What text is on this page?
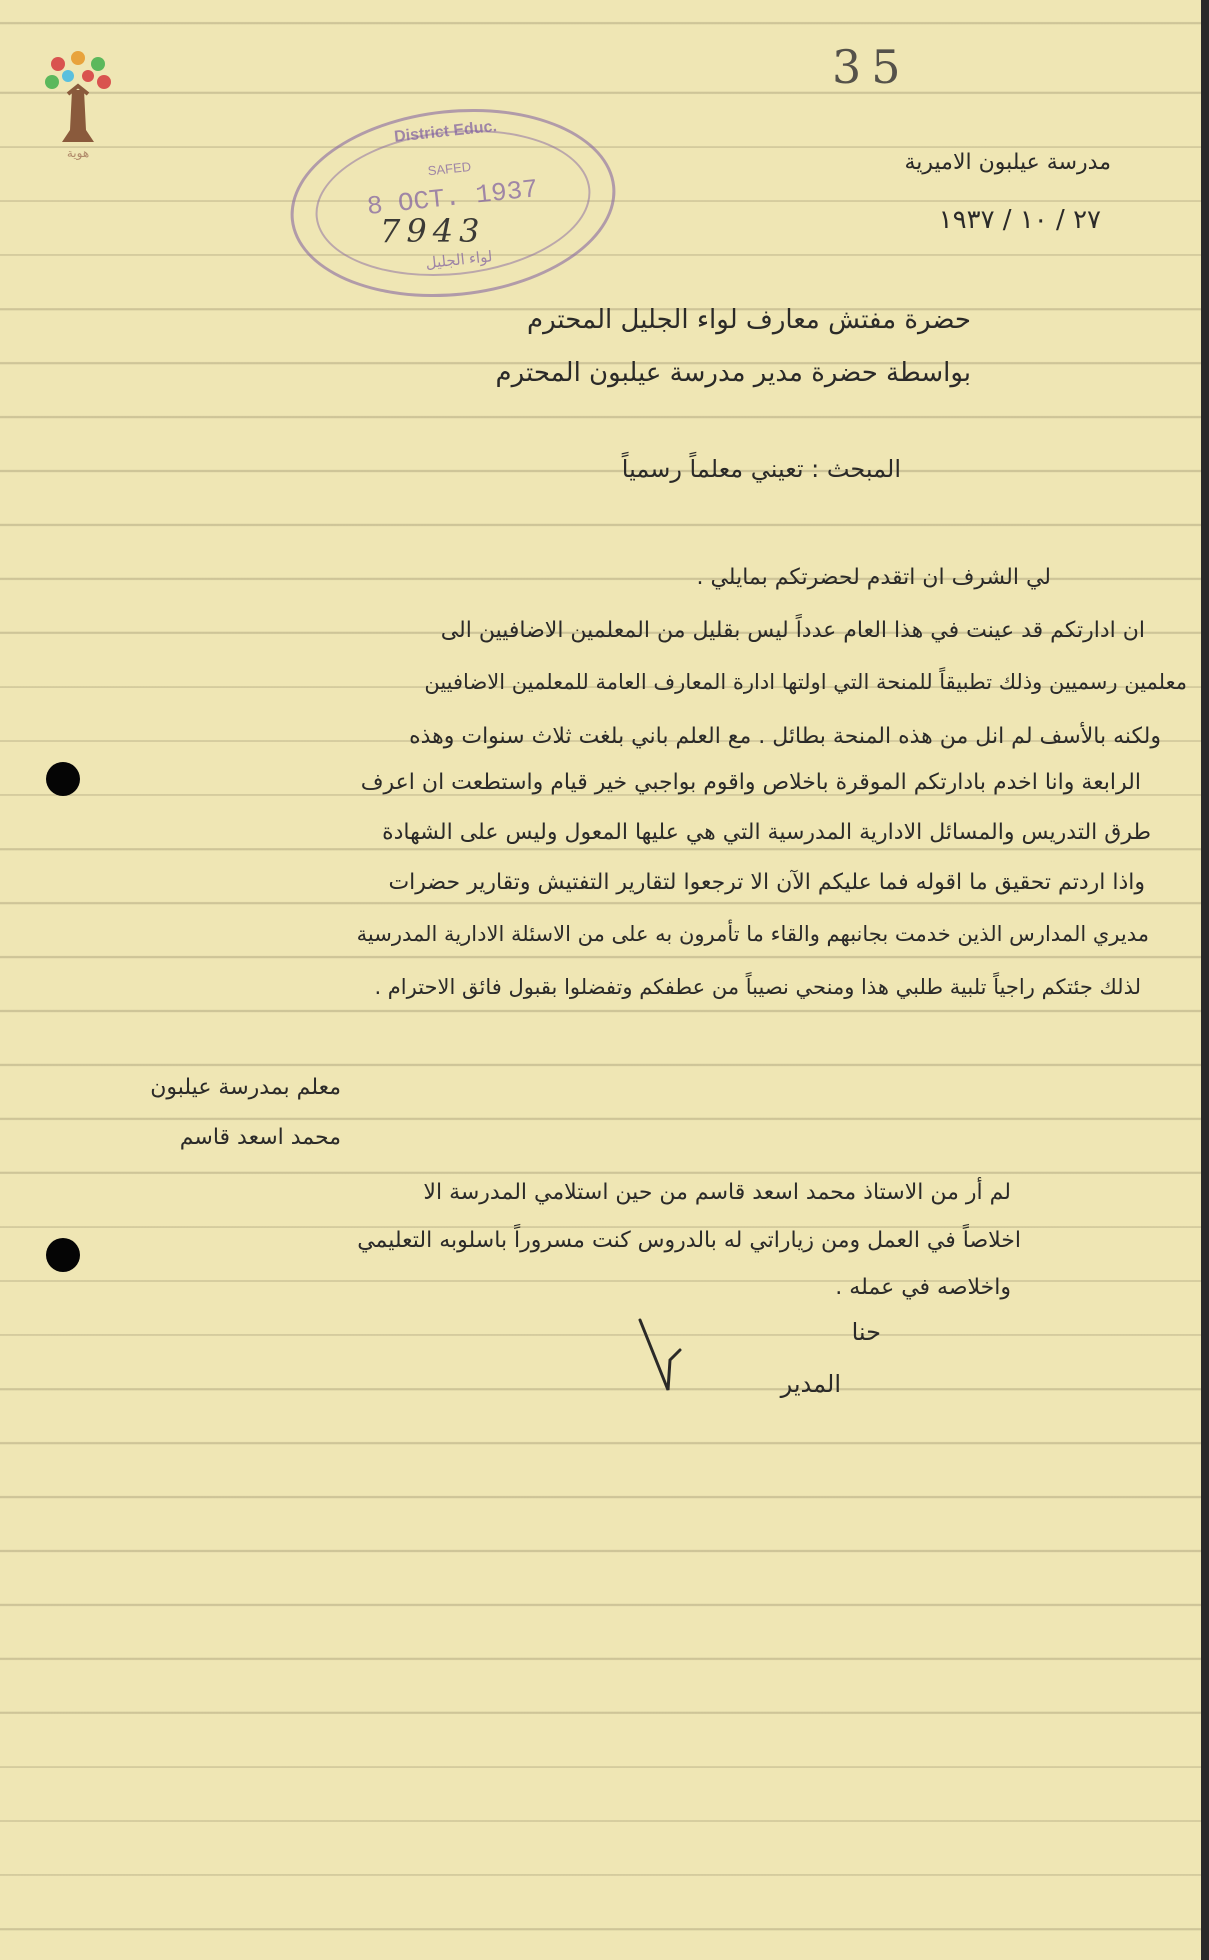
35
هوية
District Educ.
SAFED
8 OCT. 1937
لواء الجليل
7943
مدرسة عيلبون الاميرية
٢٧ / ١٠ / ١٩٣٧
حضرة مفتش معارف لواء الجليل المحترم
بواسطة حضرة مدير مدرسة عيلبون المحترم
المبحث : تعيني معلماً رسمياً
لي الشرف ان اتقدم لحضرتكم بمايلي .
ان ادارتكم قد عينت في هذا العام عدداً ليس بقليل من المعلمين الاضافيين الى
معلمين رسميين وذلك تطبيقاً للمنحة التي اولتها ادارة المعارف العامة للمعلمين الاضافيين
ولكنه بالأسف لم انل من هذه المنحة بطائل . مع العلم باني بلغت ثلاث سنوات وهذه
الرابعة وانا اخدم بادارتكم الموقرة باخلاص واقوم بواجبي خير قيام واستطعت ان اعرف
طرق التدريس والمسائل الادارية المدرسية التي هي عليها المعول وليس على الشهادة
واذا اردتم تحقيق ما اقوله فما عليكم الآن الا ترجعوا لتقارير التفتيش وتقارير حضرات
مديري المدارس الذين خدمت بجانبهم والقاء ما تأمرون به على من الاسئلة الادارية المدرسية
لذلك جئتكم راجياً تلبية طلبي هذا ومنحي نصيباً من عطفكم وتفضلوا بقبول فائق الاحترام .
معلم بمدرسة عيلبون
محمد اسعد قاسم
لم أر من الاستاذ محمد اسعد قاسم من حين استلامي المدرسة الا
اخلاصاً في العمل ومن زياراتي له بالدروس كنت مسروراً باسلوبه التعليمي
واخلاصه في عمله .
حنا
المدير
